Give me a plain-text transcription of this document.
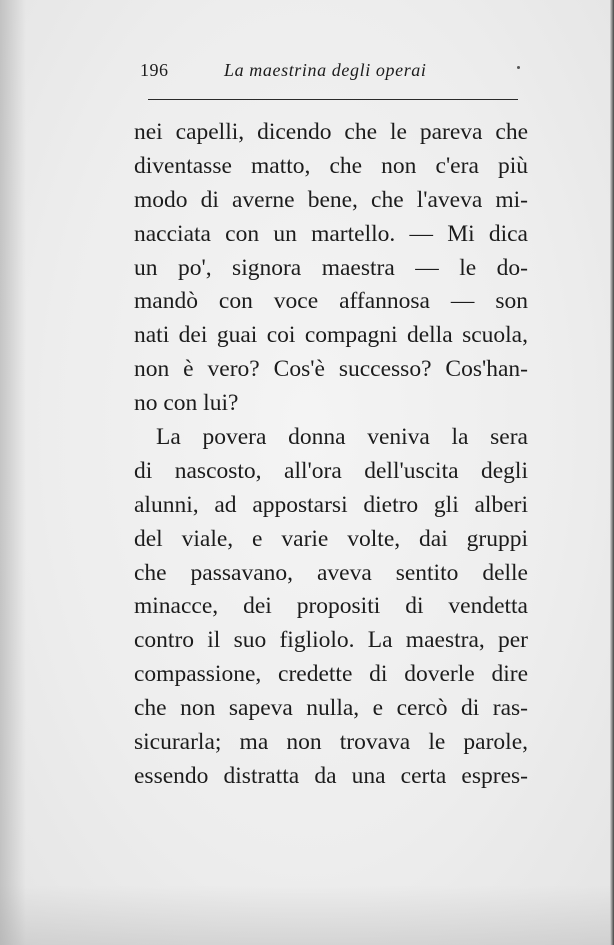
196	La maestrina degli operai
nei capelli, dicendo che le pareva che
diventasse matto, che non c'era più
modo di averne bene, che l'aveva mi-
nacciata con un martello. — Mi dica
un po', signora maestra — le do-
mandò con voce affannosa — son
nati dei guai coi compagni della scuola,
non è vero? Cos'è successo? Cos'han-
no con lui?
La povera donna veniva la sera
di nascosto, all'ora dell'uscita degli
alunni, ad appostarsi dietro gli alberi
del viale, e varie volte, dai gruppi
che passavano, aveva sentito delle
minacce, dei propositi di vendetta
contro il suo figliolo. La maestra, per
compassione, credette di doverle dire
che non sapeva nulla, e cercò di ras-
sicurarla; ma non trovava le parole,
essendo distratta da una certa espres-
